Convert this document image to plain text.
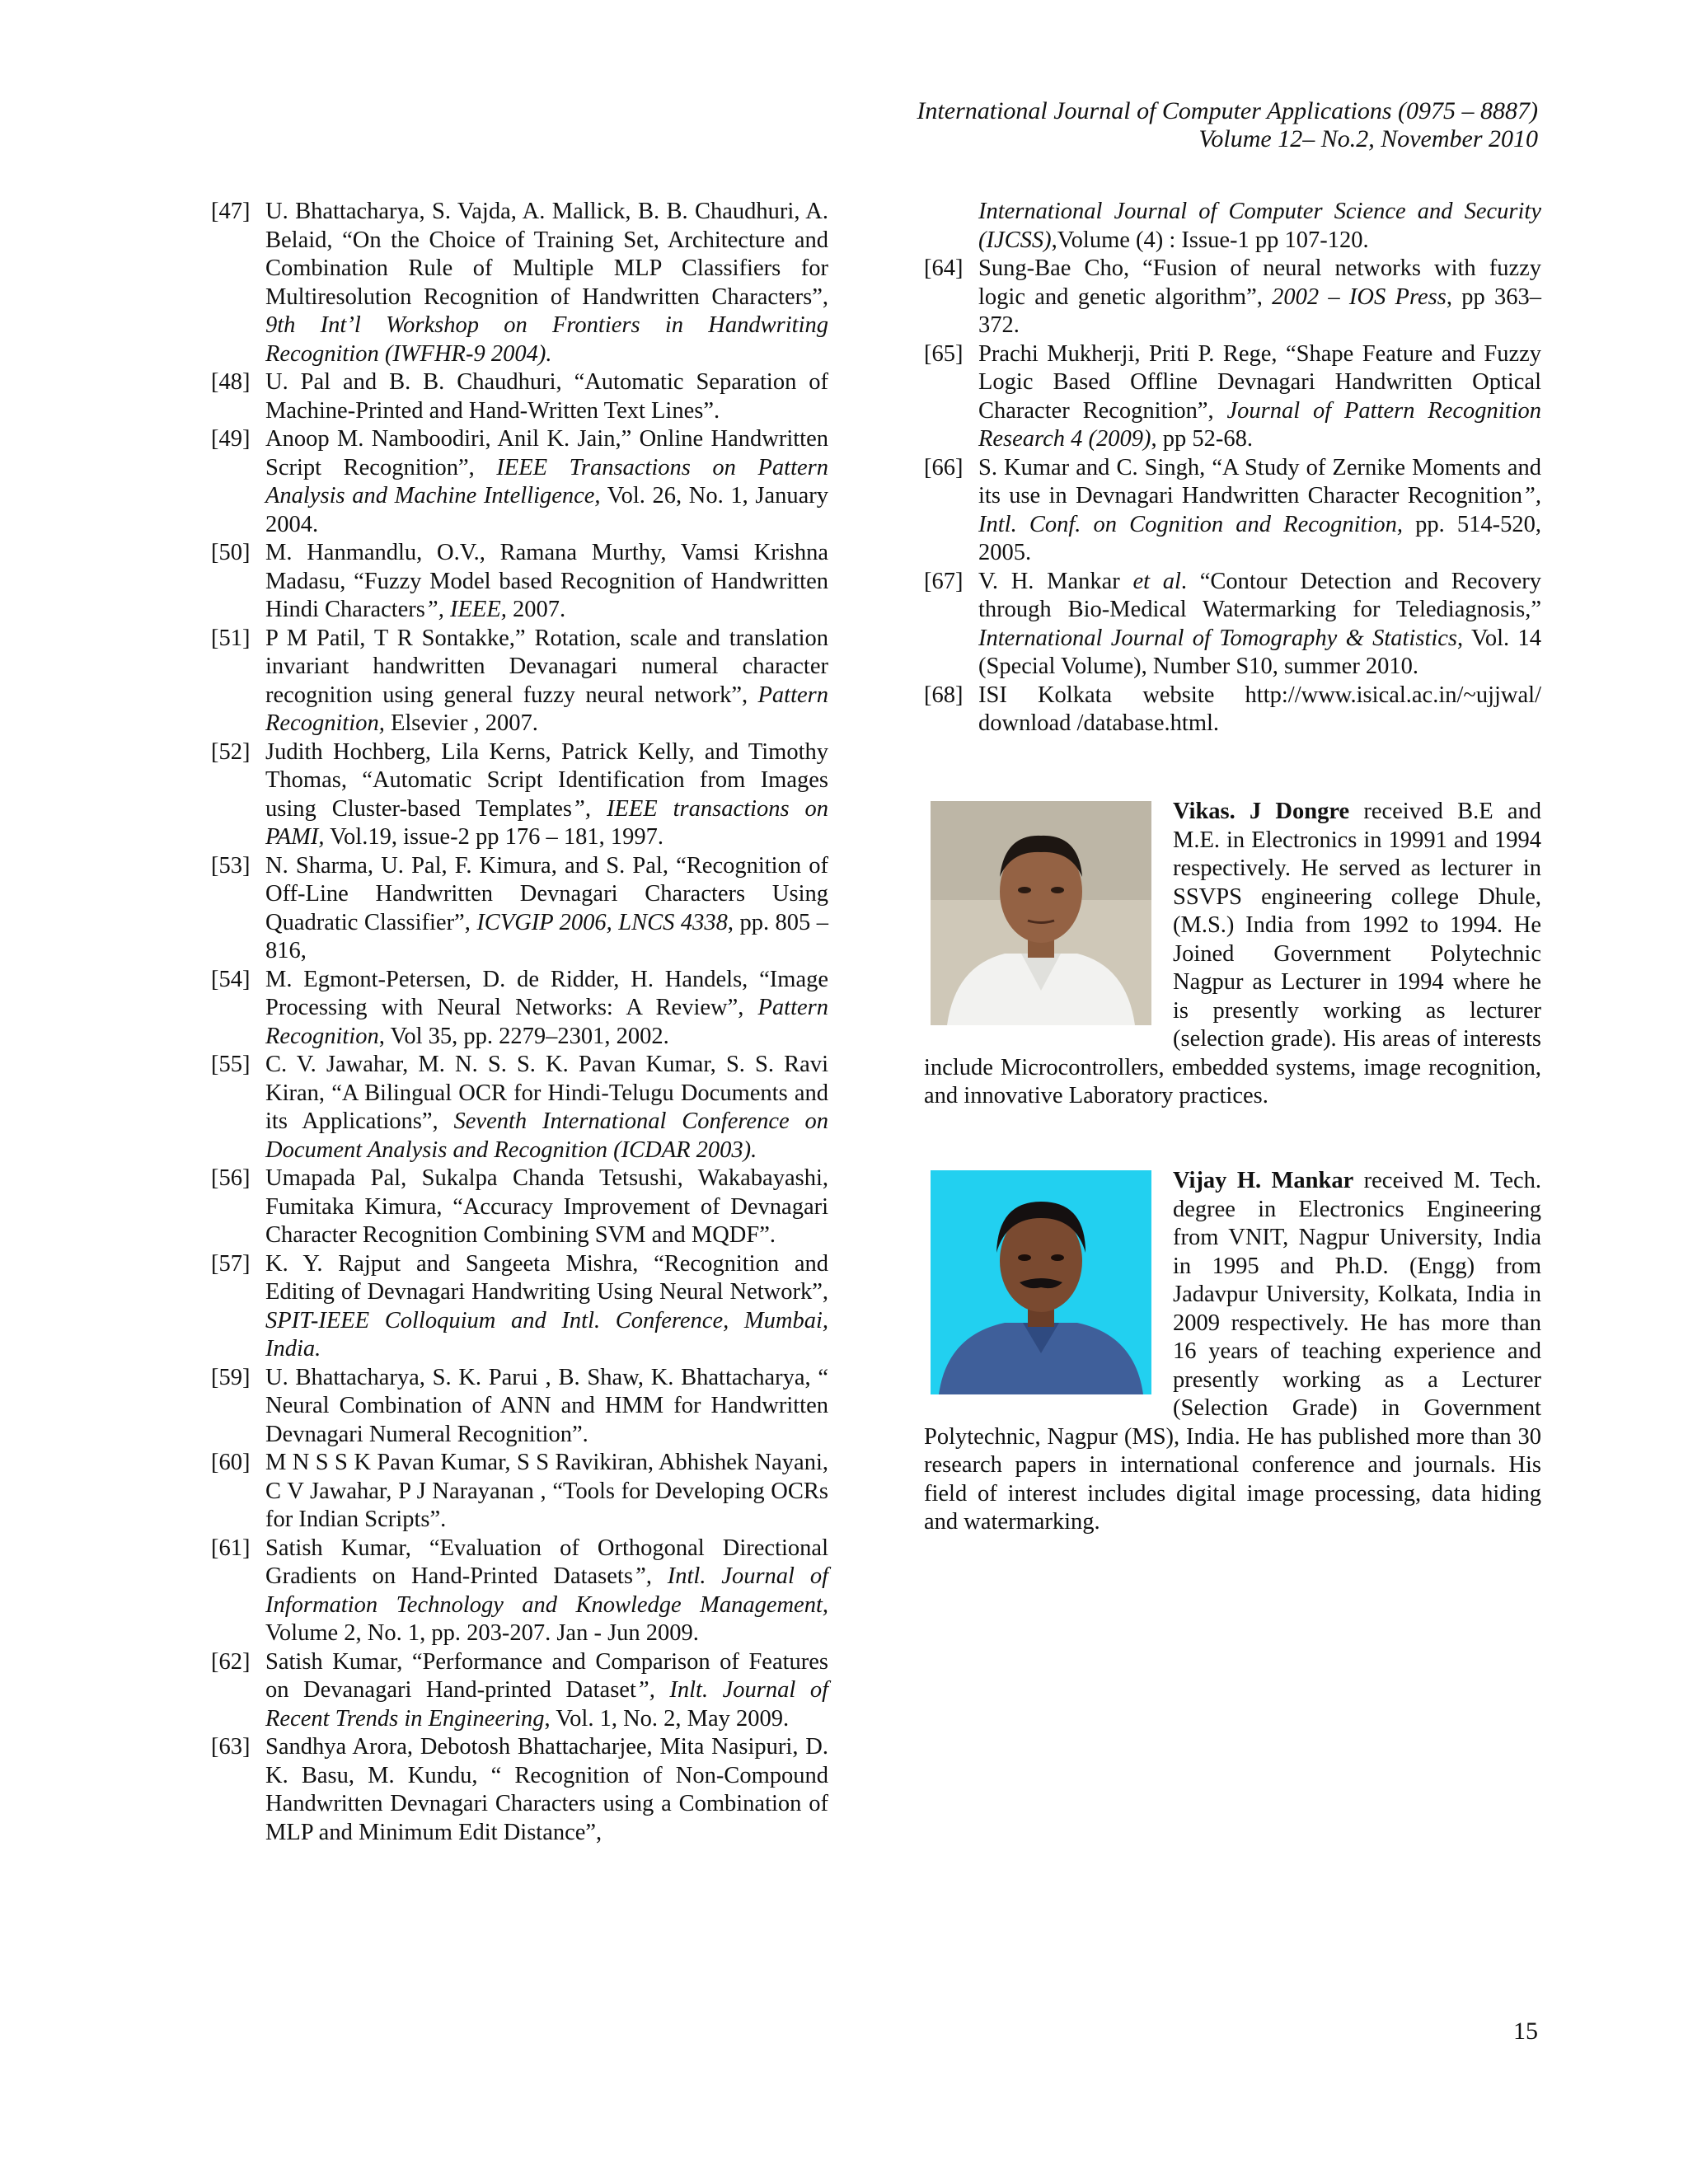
International Journal of Computer Applications (0975 – 8887)
Volume 12– No.2, November 2010
[47] U. Bhattacharya, S. Vajda, A. Mallick, B. B. Chaudhuri, A. Belaid, “On the Choice of Training Set, Architecture and Combination Rule of Multiple MLP Classifiers for Multiresolution Recognition of Handwritten Characters”, 9th Int’l Workshop on Frontiers in Handwriting Recognition (IWFHR-9 2004).
[48] U. Pal and B. B. Chaudhuri, “Automatic Separation of Machine-Printed and Hand-Written Text Lines”.
[49] Anoop M. Namboodiri, Anil K. Jain,” Online Handwritten Script Recognition”, IEEE Transactions on Pattern Analysis and Machine Intelligence, Vol. 26, No. 1, January 2004.
[50] M. Hanmandlu, O.V., Ramana Murthy, Vamsi Krishna Madasu, “Fuzzy Model based Recognition of Handwritten Hindi Characters”, IEEE, 2007.
[51] P M Patil, T R Sontakke,” Rotation, scale and translation invariant handwritten Devanagari numeral character recognition using general fuzzy neural network”, Pattern Recognition, Elsevier , 2007.
[52] Judith Hochberg, Lila Kerns, Patrick Kelly, and Timothy Thomas, “Automatic Script Identification from Images using Cluster-based Templates”, IEEE transactions on PAMI, Vol.19, issue-2 pp 176 – 181, 1997.
[53] N. Sharma, U. Pal, F. Kimura, and S. Pal, “Recognition of Off-Line Handwritten Devnagari Characters Using Quadratic Classifier”, ICVGIP 2006, LNCS 4338, pp. 805 – 816,
[54] M. Egmont-Petersen, D. de Ridder, H. Handels, “Image Processing with Neural Networks: A Review”, Pattern Recognition, Vol 35, pp. 2279–2301, 2002.
[55] C. V. Jawahar, M. N. S. S. K. Pavan Kumar, S. S. Ravi Kiran, “A Bilingual OCR for Hindi-Telugu Documents and its Applications”, Seventh International Conference on Document Analysis and Recognition (ICDAR 2003).
[56] Umapada Pal, Sukalpa Chanda Tetsushi, Wakabayashi, Fumitaka Kimura, “Accuracy Improvement of Devnagari Character Recognition Combining SVM and MQDF”.
[57] K. Y. Rajput and Sangeeta Mishra, “Recognition and Editing of Devnagari Handwriting Using Neural Network”, SPIT-IEEE Colloquium and Intl. Conference, Mumbai, India.
[59] U. Bhattacharya, S. K. Parui , B. Shaw, K. Bhattacharya, “ Neural Combination of ANN and HMM for Handwritten Devnagari Numeral Recognition”.
[60] M N S S K Pavan Kumar, S S Ravikiran, Abhishek Nayani, C V Jawahar, P J Narayanan , “Tools for Developing OCRs for Indian Scripts”.
[61] Satish Kumar, “Evaluation of Orthogonal Directional Gradients on Hand-Printed Datasets”, Intl. Journal of Information Technology and Knowledge Management, Volume 2, No. 1, pp. 203-207. Jan - Jun 2009.
[62] Satish Kumar, “Performance and Comparison of Features on Devanagari Hand-printed Dataset”, Inlt. Journal of Recent Trends in Engineering, Vol. 1, No. 2, May 2009.
[63] Sandhya Arora, Debotosh Bhattacharjee, Mita Nasipuri, D. K. Basu, M. Kundu, “ Recognition of Non-Compound Handwritten Devnagari Characters using a Combination of MLP and Minimum Edit Distance”,
International Journal of Computer Science and Security (IJCSS),Volume (4) : Issue-1 pp 107-120.
[64] Sung-Bae Cho, “Fusion of neural networks with fuzzy logic and genetic algorithm”, 2002 – IOS Press, pp 363–372.
[65] Prachi Mukherji, Priti P. Rege, “Shape Feature and Fuzzy Logic Based Offline Devnagari Handwritten Optical Character Recognition”, Journal of Pattern Recognition Research 4 (2009), pp 52-68.
[66] S. Kumar and C. Singh, “A Study of Zernike Moments and its use in Devnagari Handwritten Character Recognition”, Intl. Conf. on Cognition and Recognition, pp. 514-520, 2005.
[67] V. H. Mankar et al. “Contour Detection and Recovery through Bio-Medical Watermarking for Telediagnosis,” International Journal of Tomography & Statistics, Vol. 14 (Special Volume), Number S10, summer 2010.
[68] ISI Kolkata website http://www.isical.ac.in/~ujjwal/ download /database.html.
Vikas. J Dongre
received B.E and M.E. in Electronics in 19991 and 1994 respectively. He served as lecturer in SSVPS engineering college Dhule, (M.S.) India from 1992 to 1994. He Joined Government Polytechnic Nagpur as Lecturer in 1994 where he is presently working as lecturer (selection grade). His areas of interests include Microcontrollers, embedded systems, image recognition, and innovative Laboratory practices.
Vijay H. Mankar
received M. Tech. degree in Electronics Engineering from VNIT, Nagpur University, India in 1995 and Ph.D. (Engg) from Jadavpur University, Kolkata, India in 2009 respectively. He has more than 16 years of teaching experience and presently working as a Lecturer (Selection Grade) in Government Polytechnic, Nagpur (MS), India. He has published more than 30 research papers in international conference and journals. His field of interest includes digital image processing, data hiding and watermarking.
15
